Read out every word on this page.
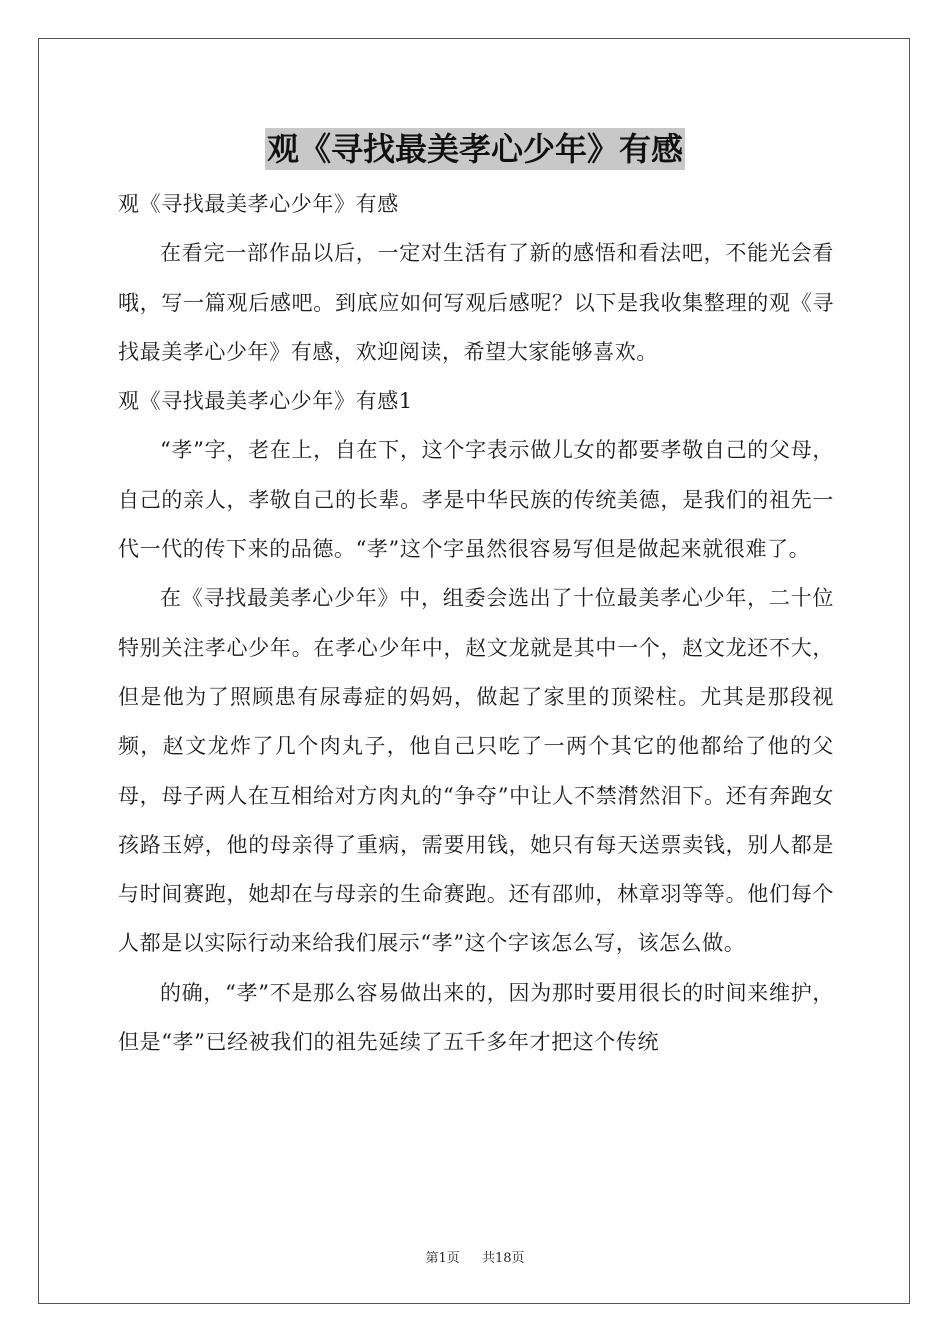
观《寻找最美孝心少年》有感

观《寻找最美孝心少年》有感

在看完一部作品以后，一定对生活有了新的感悟和看法吧，不能光会看哦，写一篇观后感吧。到底应如何写观后感呢？以下是我收集整理的观《寻找最美孝心少年》有感，欢迎阅读，希望大家能够喜欢。

观《寻找最美孝心少年》有感1

“孝”字，老在上，自在下，这个字表示做儿女的都要孝敬自己的父母，自己的亲人，孝敬自己的长辈。孝是中华民族的传统美德，是我们的祖先一代一代的传下来的品德。“孝”这个字虽然很容易写但是做起来就很难了。

在《寻找最美孝心少年》中，组委会选出了十位最美孝心少年，二十位特别关注孝心少年。在孝心少年中，赵文龙就是其中一个，赵文龙还不大，但是他为了照顾患有尿毒症的妈妈，做起了家里的顶梁柱。尤其是那段视频，赵文龙炸了几个肉丸子，他自己只吃了一两个其它的他都给了他的父母，母子两人在互相给对方肉丸的“争夺”中让人不禁潸然泪下。还有奔跑女孩路玉婷，他的母亲得了重病，需要用钱，她只有每天送票卖钱，别人都是与时间赛跑，她却在与母亲的生命赛跑。还有邵帅，林章羽等等。他们每个人都是以实际行动来给我们展示“孝”这个字该怎么写，该怎么做。

的确，“孝”不是那么容易做出来的，因为那时要用很长的时间来维护，但是“孝”已经被我们的祖先延续了五千多年才把这个传统

第1页 共18页
